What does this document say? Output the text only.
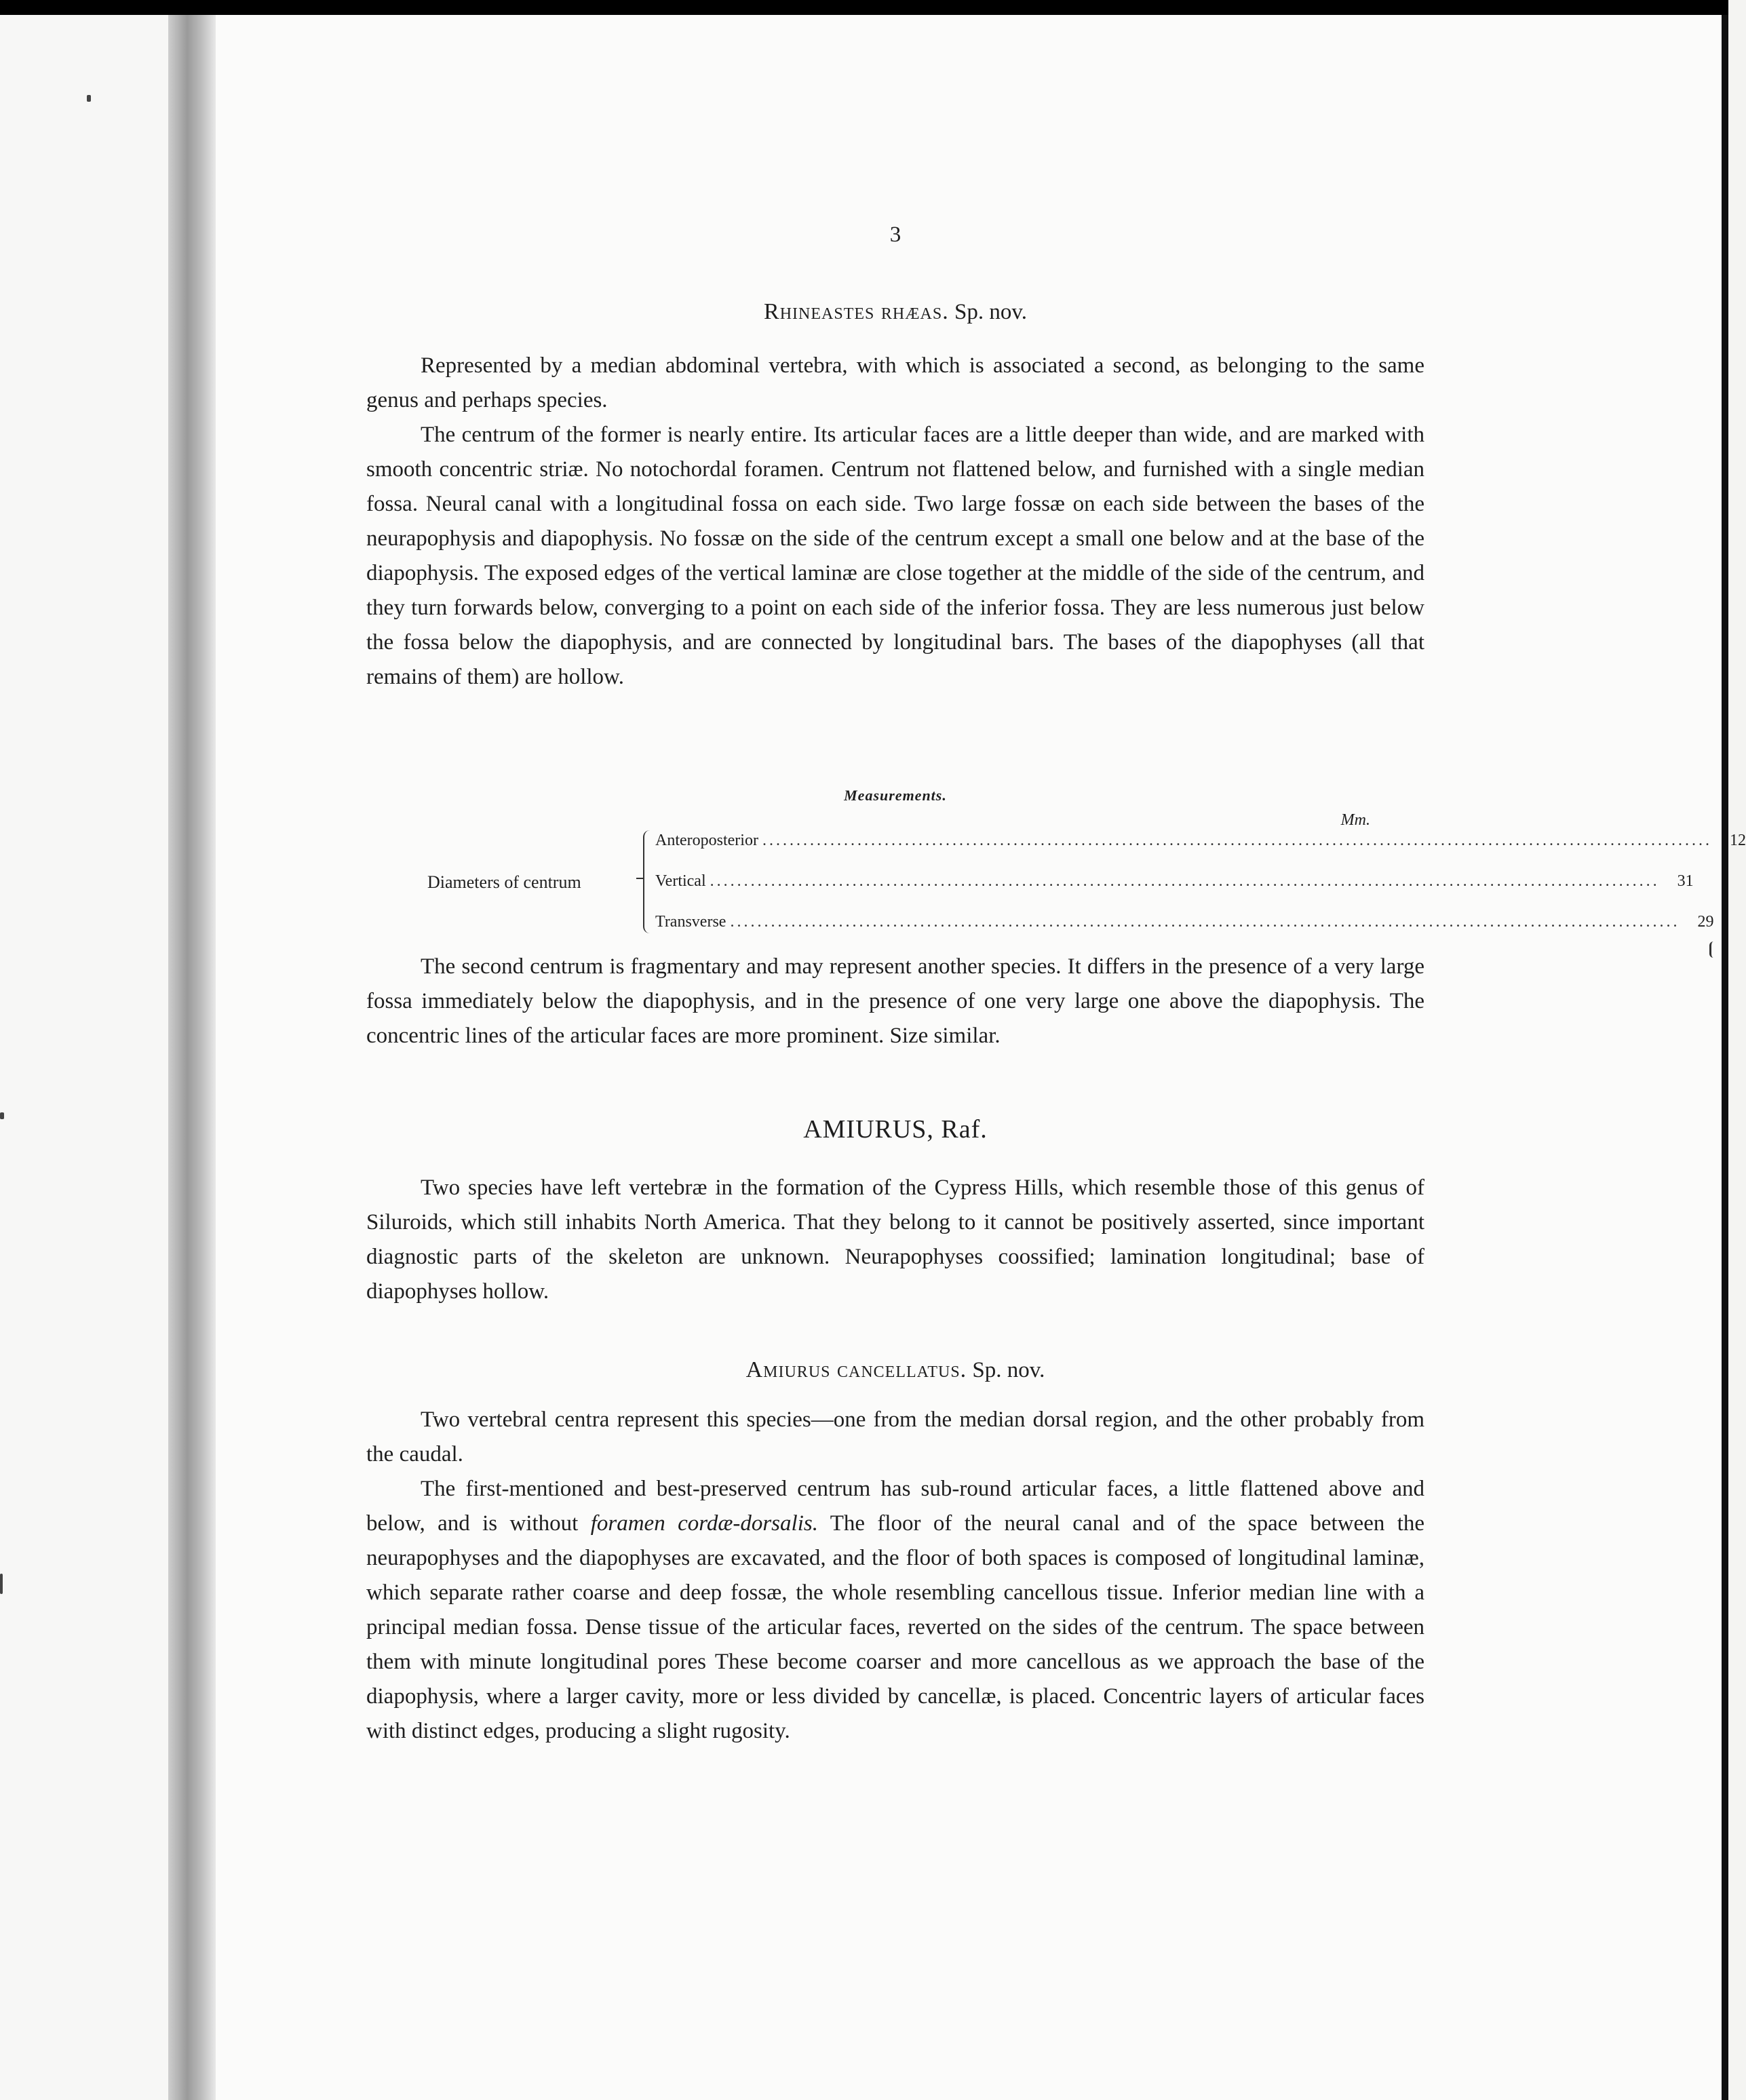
3
Rhineastes rhæas. Sp. nov.

Represented by a median abdominal vertebra, with which is associated a second, as belonging to the same genus and perhaps species.

The centrum of the former is nearly entire. Its articular faces are a little deeper than wide, and are marked with smooth concentric striæ. No notochordal foramen. Centrum not flattened below, and furnished with a single median fossa. Neural canal with a longitudinal fossa on each side. Two large fossæ on each side between the bases of the neurapophysis and diapophysis. No fossæ on the side of the centrum except a small one below and at the base of the diapophysis. The exposed edges of the vertical laminæ are close together at the middle of the side of the centrum, and they turn forwards below, converging to a point on each side of the inferior fossa. They are less numerous just below the fossa below the diapophysis, and are connected by longitudinal bars. The bases of the diapophyses (all that remains of them) are hollow.

Measurements.
Mm.
Diameters of centrum
Anteroposterior ............................................................................................................................................	12
Vertical ............................................................................................................................................	31
Transverse ............................................................................................................................................	29

The second centrum is fragmentary and may represent another species. It differs in the presence of a very large fossa immediately below the diapophysis, and in the presence of one very large one above the diapophysis. The concentric lines of the articular faces are more prominent. Size similar.

AMIURUS, Raf.

Two species have left vertebræ in the formation of the Cypress Hills, which resemble those of this genus of Siluroids, which still inhabits North America. That they belong to it cannot be positively asserted, since important diagnostic parts of the skeleton are unknown. Neurapophyses coossified; lamination longitudinal; base of diapophyses hollow.

Amiurus cancellatus. Sp. nov.

Two vertebral centra represent this species—one from the median dorsal region, and the other probably from the caudal.

The first-mentioned and best-preserved centrum has sub-round articular faces, a little flattened above and below, and is without foramen cordæ-dorsalis. The floor of the neural canal and of the space between the neurapophyses and the diapophyses are excavated, and the floor of both spaces is composed of longitudinal laminæ, which separate rather coarse and deep fossæ, the whole resembling cancellous tissue. Inferior median line with a principal median fossa. Dense tissue of the articular faces, reverted on the sides of the centrum. The space between them with minute longitudinal pores These become coarser and more cancellous as we approach the base of the diapophysis, where a larger cavity, more or less divided by cancellæ, is placed. Concentric layers of articular faces with distinct edges, producing a slight rugosity.
